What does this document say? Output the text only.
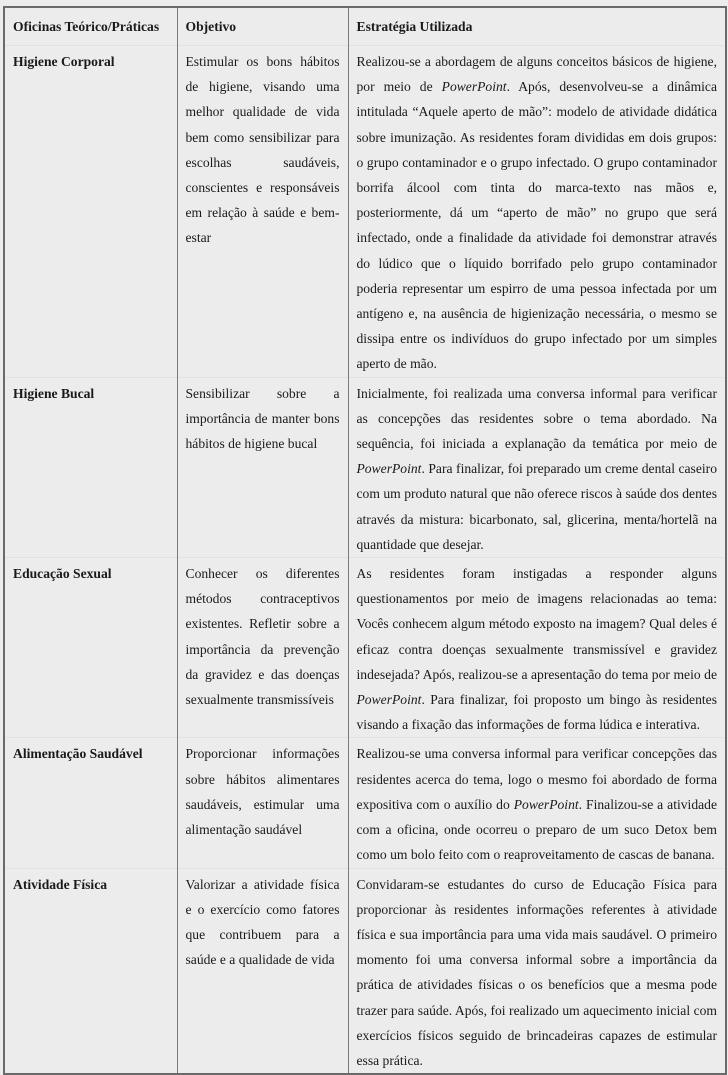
Oficinas Teórico/Práticas	Objetivo	Estratégia Utilizada
Higiene Corporal	Estimular os bons hábitos de higiene, visando uma melhor qualidade de vida bem como sensibilizar para escolhas saudáveis, conscientes e responsáveis em relação à saúde e bem-estar	Realizou-se a abordagem de alguns conceitos básicos de higiene, por meio de PowerPoint. Após, desenvolveu-se a dinâmica intitulada “Aquele aperto de mão”: modelo de atividade didática sobre imunização. As residentes foram divididas em dois grupos: o grupo contaminador e o grupo infectado. O grupo contaminador borrifa álcool com tinta do marca-texto nas mãos e, posteriormente, dá um “aperto de mão” no grupo que será infectado, onde a finalidade da atividade foi demonstrar através do lúdico que o líquido borrifado pelo grupo contaminador poderia representar um espirro de uma pessoa infectada por um antígeno e, na ausência de higienização necessária, o mesmo se dissipa entre os indivíduos do grupo infectado por um simples aperto de mão.
Higiene Bucal	Sensibilizar sobre a importância de manter bons hábitos de higiene bucal	Inicialmente, foi realizada uma conversa informal para verificar as concepções das residentes sobre o tema abordado. Na sequência, foi iniciada a explanação da temática por meio de PowerPoint. Para finalizar, foi preparado um creme dental caseiro com um produto natural que não oferece riscos à saúde dos dentes através da mistura: bicarbonato, sal, glicerina, menta/hortelã na quantidade que desejar.
Educação Sexual	Conhecer os diferentes métodos contraceptivos existentes. Refletir sobre a importância da prevenção da gravidez e das doenças sexualmente transmissíveis	As residentes foram instigadas a responder alguns questionamentos por meio de imagens relacionadas ao tema: Vocês conhecem algum método exposto na imagem? Qual deles é eficaz contra doenças sexualmente transmissível e gravidez indesejada? Após, realizou-se a apresentação do tema por meio de PowerPoint. Para finalizar, foi proposto um bingo às residentes visando a fixação das informações de forma lúdica e interativa.
Alimentação Saudável	Proporcionar informações sobre hábitos alimentares saudáveis, estimular uma alimentação saudável	Realizou-se uma conversa informal para verificar concepções das residentes acerca do tema, logo o mesmo foi abordado de forma expositiva com o auxílio do PowerPoint. Finalizou-se a atividade com a oficina, onde ocorreu o preparo de um suco Detox bem como um bolo feito com o reaproveitamento de cascas de banana.
Atividade Física	Valorizar a atividade física e o exercício como fatores que contribuem para a saúde e a qualidade de vida	Convidaram-se estudantes do curso de Educação Física para proporcionar às residentes informações referentes à atividade física e sua importância para uma vida mais saudável. O primeiro momento foi uma conversa informal sobre a importância da prática de atividades físicas o os benefícios que a mesma pode trazer para saúde. Após, foi realizado um aquecimento inicial com exercícios físicos seguido de brincadeiras capazes de estimular essa prática.
